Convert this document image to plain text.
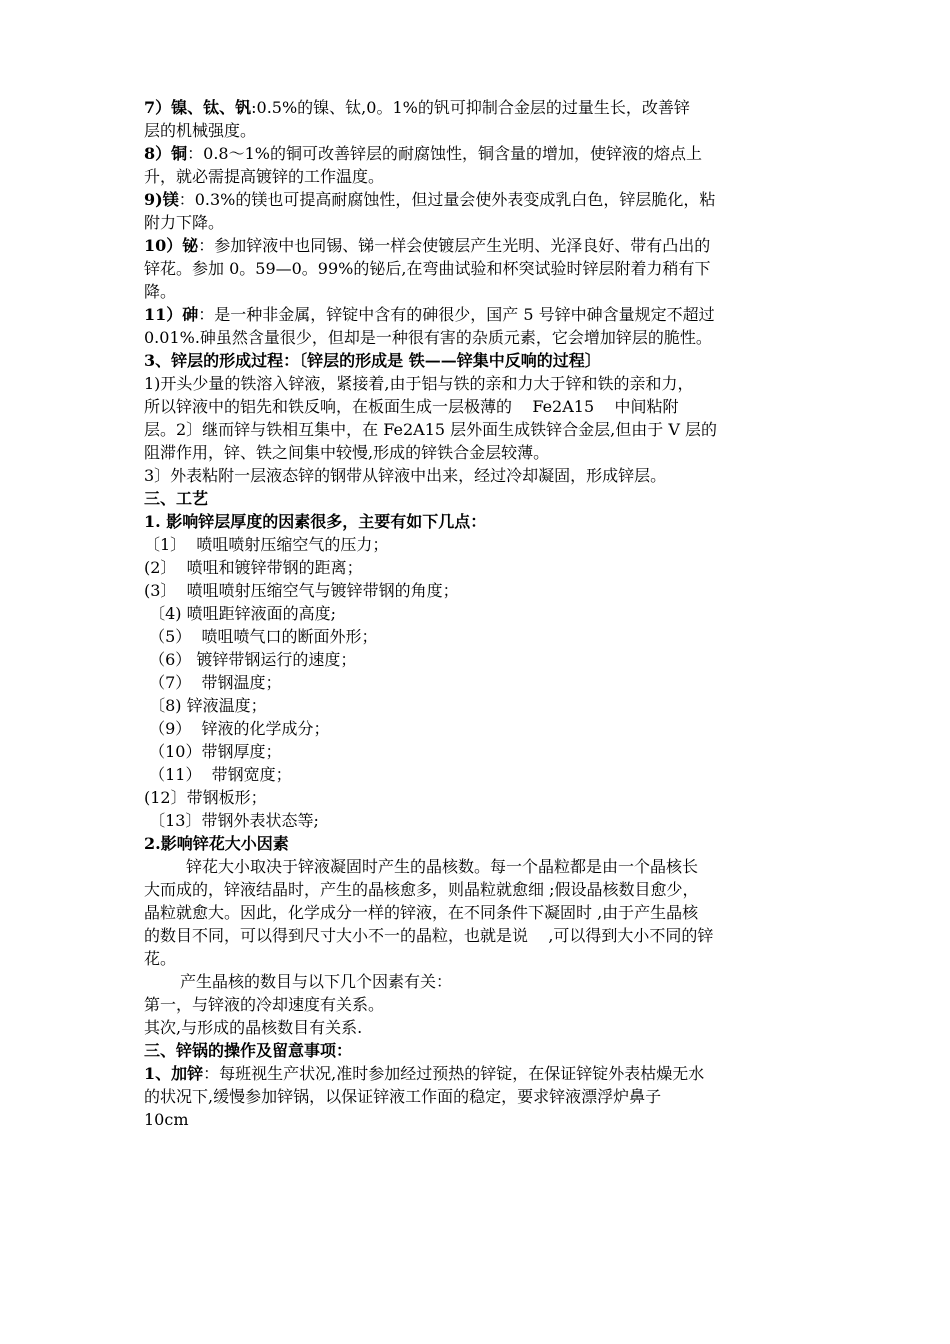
7）镍、钛、钒:0.5%的镍、钛,0。1%的钒可抑制合金层的过量生长，改善锌
层的机械强度。
8）铜：0.8～1%的铜可改善锌层的耐腐蚀性，铜含量的增加，使锌液的熔点上
升，就必需提高镀锌的工作温度。
9)镁：0.3%的镁也可提高耐腐蚀性，但过量会使外表变成乳白色，锌层脆化，粘
附力下降。
10）铋：参加锌液中也同锡、锑一样会使镀层产生光明、光泽良好、带有凸出的
锌花。参加 0。59—0。99%的铋后,在弯曲试验和杯突试验时锌层附着力稍有下
降。
11）砷：是一种非金属，锌锭中含有的砷很少，国产 5 号锌中砷含量规定不超过
0.01%.砷虽然含量很少，但却是一种很有害的杂质元素，它会增加锌层的脆性。
3、锌层的形成过程：〔锌层的形成是 铁——锌集中反响的过程〕
1)开头少量的铁溶入锌液，紧接着,由于铝与铁的亲和力大于锌和铁的亲和力，
所以锌液中的铝先和铁反响，在板面生成一层极薄的    Fe2A15    中间粘附
层。2〕继而锌与铁相互集中，在 Fe2A15 层外面生成铁锌合金层,但由于 V 层的
阻滞作用，锌、铁之间集中较慢,形成的锌铁合金层较薄。
3〕外表粘附一层液态锌的钢带从锌液中出来，经过冷却凝固，形成锌层。
三、工艺
1. 影响锌层厚度的因素很多，主要有如下几点：
〔1〕  喷咀喷射压缩空气的压力；
(2〕  喷咀和镀锌带钢的距离；
(3〕  喷咀喷射压缩空气与镀锌带钢的角度；
〔4) 喷咀距锌液面的高度;
（5）  喷咀喷气口的断面外形；
（6） 镀锌带钢运行的速度；
（7）  带钢温度；
〔8) 锌液温度；
（9）  锌液的化学成分；
（10）带钢厚度；
（11）  带钢宽度；
(12〕带钢板形；
〔13〕带钢外表状态等;
2.影响锌花大小因素
锌花大小取决于锌液凝固时产生的晶核数。每一个晶粒都是由一个晶核长
大而成的，锌液结晶时，产生的晶核愈多，则晶粒就愈细 ;假设晶核数目愈少，
晶粒就愈大。因此，化学成分一样的锌液，在不同条件下凝固时 ,由于产生晶核
的数目不同，可以得到尺寸大小不一的晶粒，也就是说    ,可以得到大小不同的锌
花。
产生晶核的数目与以下几个因素有关：
第一，与锌液的冷却速度有关系。
其次,与形成的晶核数目有关系.
三、锌锅的操作及留意事项：
1、加锌：每班视生产状况,准时参加经过预热的锌锭，在保证锌锭外表枯燥无水
的状况下,缓慢参加锌锅，以保证锌液工作面的稳定，要求锌液漂浮炉鼻子
10cm
